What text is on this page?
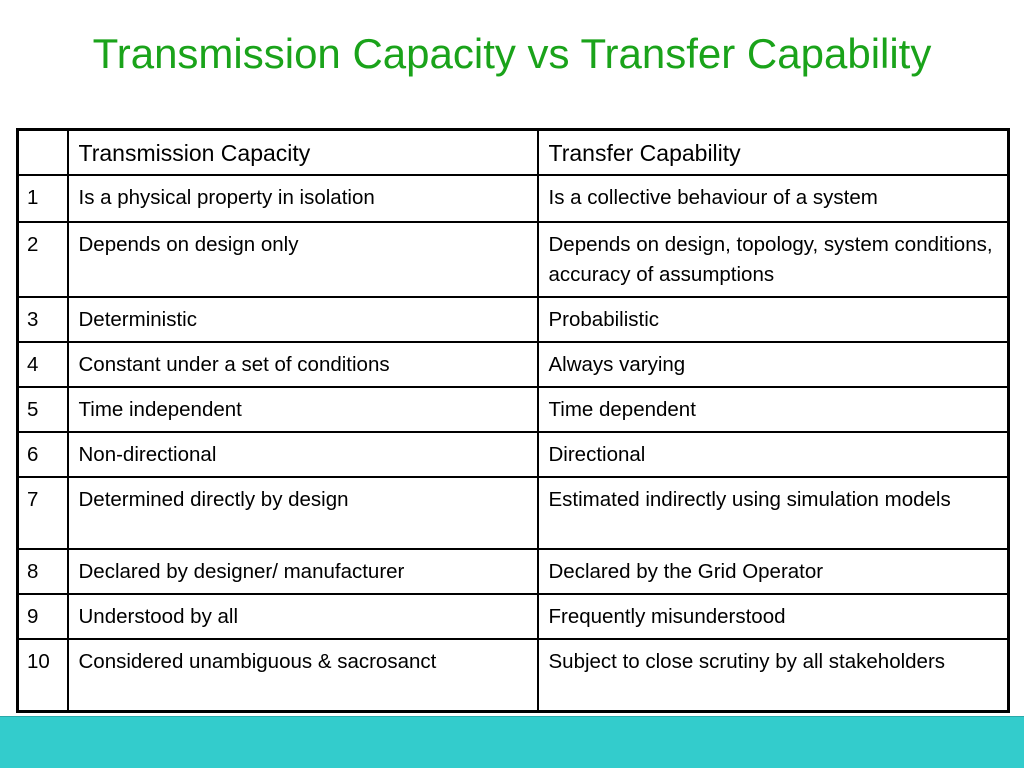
Transmission Capacity vs Transfer Capability
	Transmission Capacity	Transfer Capability
1	Is a physical property in isolation	Is a collective behaviour of a system
2	Depends on design only	Depends on design, topology, system conditions, accuracy of assumptions
3	Deterministic	Probabilistic
4	Constant under a set of conditions	Always varying
5	Time independent	Time dependent
6	Non-directional	Directional
7	Determined directly by design	Estimated indirectly using simulation models
8	Declared by designer/ manufacturer	Declared by the Grid Operator
9	Understood by all	Frequently misunderstood
10	Considered unambiguous & sacrosanct	Subject to close scrutiny by all stakeholders
